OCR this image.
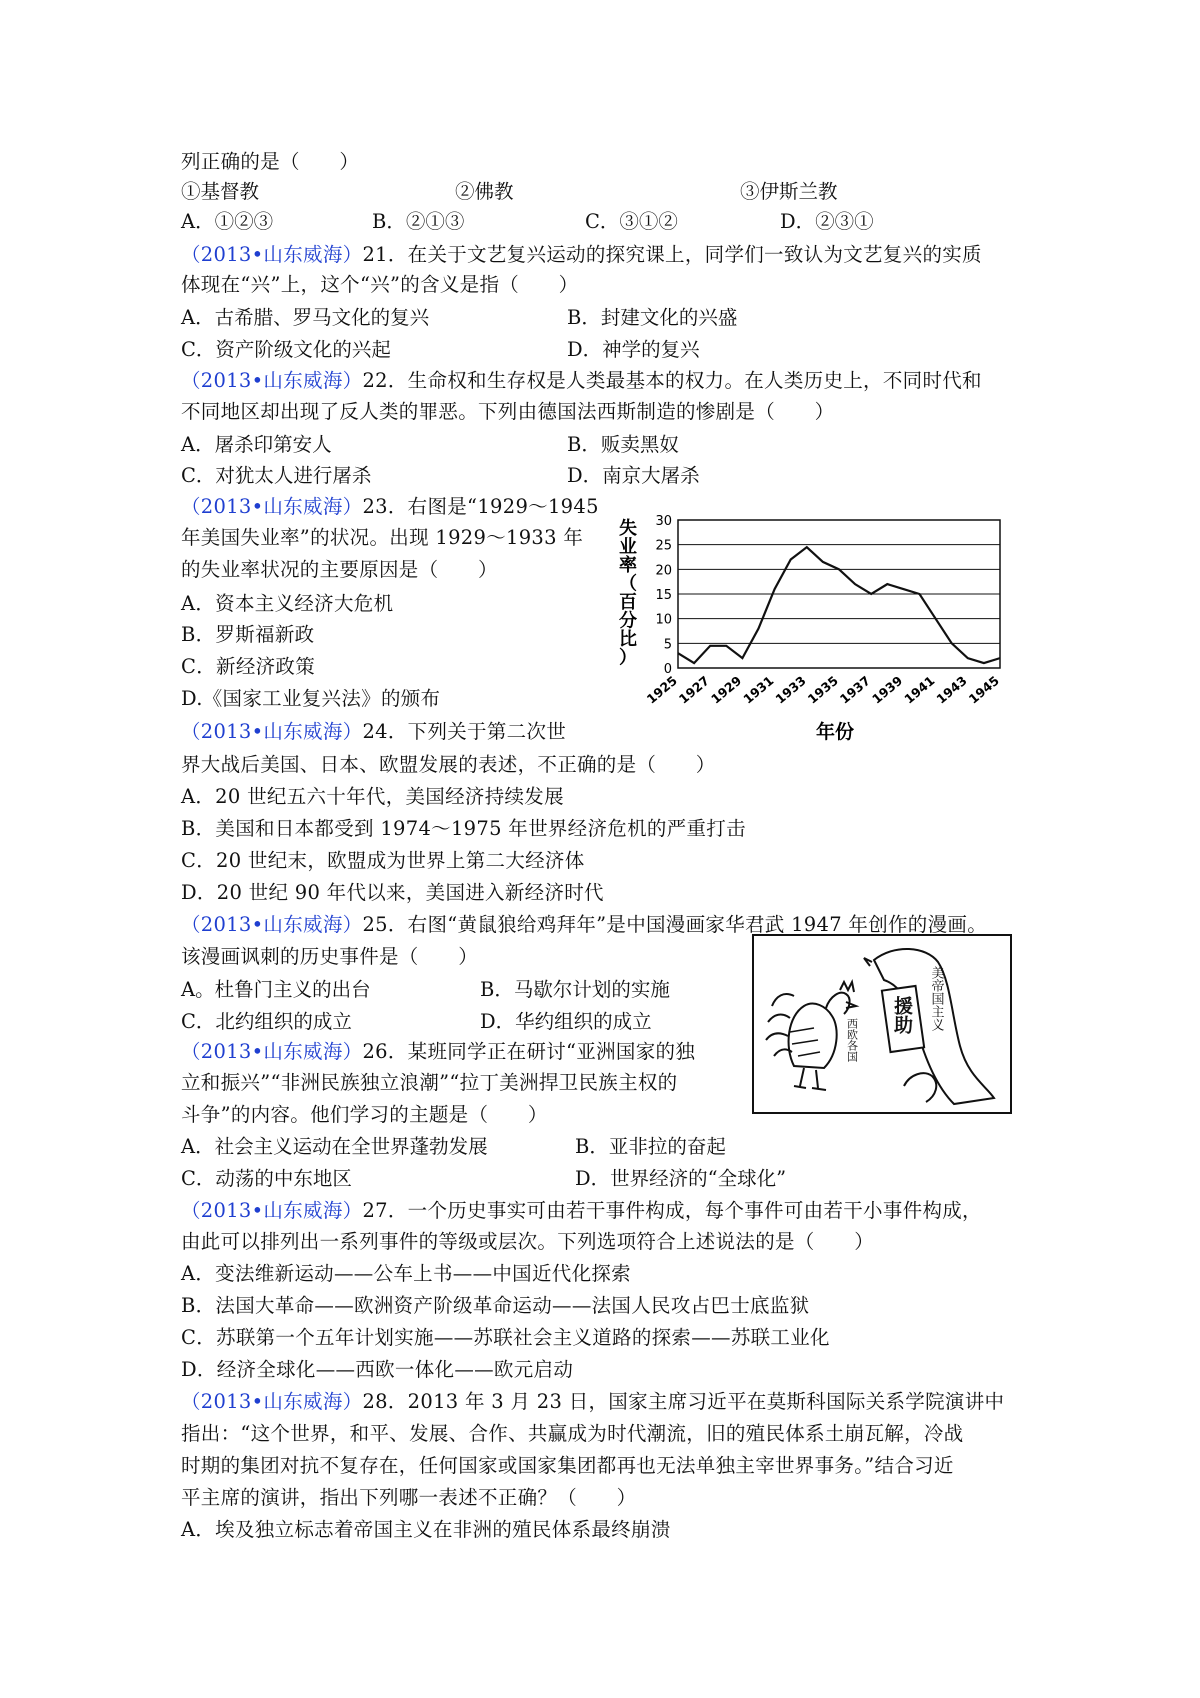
列正确的是（　　）
①基督教	②佛教	③伊斯兰教
A．①②③	B．②①③	C．③①②	D．②③①
（2013•山东威海）21．在关于文艺复兴运动的探究课上，同学们一致认为文艺复兴的实质
体现在“兴”上，这个“兴”的含义是指（　　）
A．古希腊、罗马文化的复兴	B．封建文化的兴盛
C．资产阶级文化的兴起	D．神学的复兴
（2013•山东威海）22．生命权和生存权是人类最基本的权力。在人类历史上，不同时代和
不同地区却出现了反人类的罪恶。下列由德国法西斯制造的惨剧是（　　）
A．屠杀印第安人	B．贩卖黑奴
C．对犹太人进行屠杀	D．南京大屠杀
（2013•山东威海）23．右图是“1929～1945
年美国失业率”的状况。出现 1929～1933 年
的失业率状况的主要原因是（　　）
A．资本主义经济大危机
B．罗斯福新政
C．新经济政策
D.《国家工业复兴法》的颁布
0
5
10
15
20
25
30
1925
1927
1929
1931
1933
1935
1937
1939
1941
1943
1945
失
业
率
（
百
分
比
）
年份
（2013•山东威海）24．下列关于第二次世
界大战后美国、日本、欧盟发展的表述，不正确的是（　　）
A．20 世纪五六十年代，美国经济持续发展
B．美国和日本都受到 1974～1975 年世界经济危机的严重打击
C．20 世纪末，欧盟成为世界上第二大经济体
D．20 世纪 90 年代以来，美国进入新经济时代
（2013•山东威海）25．右图“黄鼠狼给鸡拜年”是中国漫画家华君武 1947 年创作的漫画。
该漫画讽刺的历史事件是（　　）
A。杜鲁门主义的出台	B．马歇尔计划的实施
C．北约组织的成立	D．华约组织的成立	美帝国主义
援助
西欧各国
（2013•山东威海）26．某班同学正在研讨“亚洲国家的独
立和振兴”“非洲民族独立浪潮”“拉丁美洲捍卫民族主权的
斗争”的内容。他们学习的主题是（　　）
A．社会主义运动在全世界蓬勃发展	B．亚非拉的奋起
C．动荡的中东地区	D．世界经济的“全球化”
（2013•山东威海）27．一个历史事实可由若干事件构成，每个事件可由若干小事件构成，
由此可以排列出一系列事件的等级或层次。下列选项符合上述说法的是（　　）
A．变法维新运动——公车上书——中国近代化探索
B．法国大革命——欧洲资产阶级革命运动——法国人民攻占巴士底监狱
C．苏联第一个五年计划实施——苏联社会主义道路的探索——苏联工业化
D．经济全球化——西欧一体化——欧元启动
（2013•山东威海）28．2013 年 3 月 23 日，国家主席习近平在莫斯科国际关系学院演讲中
指出：“这个世界，和平、发展、合作、共赢成为时代潮流，旧的殖民体系土崩瓦解，冷战
时期的集团对抗不复存在，任何国家或国家集团都再也无法单独主宰世界事务。”结合习近
平主席的演讲，指出下列哪一表述不正确？（　　）
A．埃及独立标志着帝国主义在非洲的殖民体系最终崩溃
